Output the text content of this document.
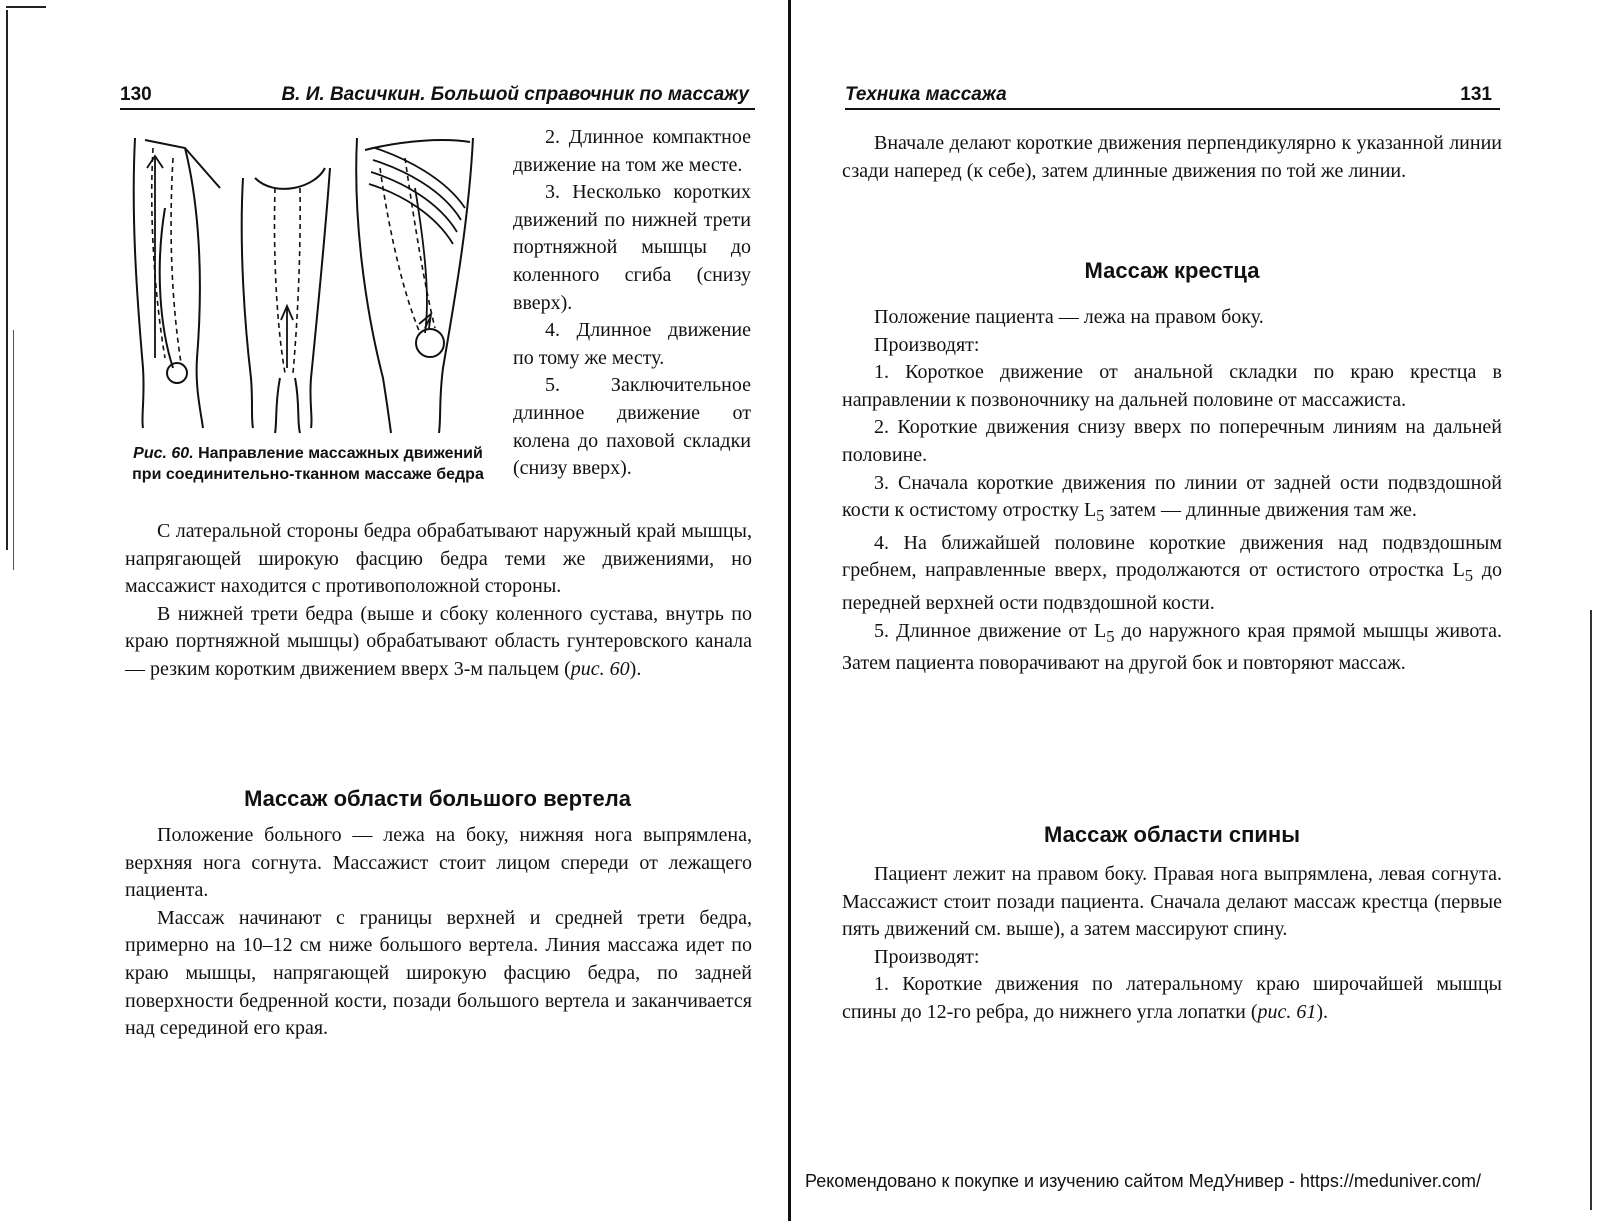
130	В. И. Васичкин. Большой справочник по массажу
Рис. 60. Направление массажных движений при соединительно-тканном массаже бедра

2. Длинное компактное движение на том же месте.

3. Несколько коротких движений по нижней трети портняжной мышцы до коленного сгиба (снизу вверх).

4. Длинное движение по тому же месту.

5. Заключительное длинное движение от колена до паховой складки (снизу вверх).

С латеральной стороны бедра обрабатывают наружный край мышцы, напрягающей широкую фасцию бедра теми же движениями, но массажист находится с противоположной стороны.

В нижней трети бедра (выше и сбоку коленного сустава, внутрь по краю портняжной мышцы) обрабатывают область гунтеровского канала — резким коротким движением вверх 3-м пальцем (рис. 60).

Массаж области большого вертела

Положение больного — лежа на боку, нижняя нога выпрямлена, верхняя нога согнута. Массажист стоит лицом спереди от лежащего пациента.

Массаж начинают с границы верхней и средней трети бедра, примерно на 10–12 см ниже большого вертела. Линия массажа идет по краю мышцы, напрягающей широкую фасцию бедра, по задней поверхности бедренной кости, позади большого вертела и заканчивается над серединой его края.

Техника массажа	131

Вначале делают короткие движения перпендикулярно к указанной линии сзади наперед (к себе), затем длинные движения по той же линии.

Массаж крестца

Положение пациента — лежа на правом боку.

Производят:

1. Короткое движение от анальной складки по краю крестца в направлении к позвоночнику на дальней половине от массажиста.

2. Короткие движения снизу вверх по поперечным линиям на дальней половине.

3. Сначала короткие движения по линии от задней ости подвздошной кости к остистому отростку $L_5$ затем — длинные движения там же.

4. На ближайшей половине короткие движения над подвздошным гребнем, направленные вверх, продолжаются от остистого отростка $L_5$ до передней верхней ости подвздошной кости.

5. Длинное движение от $L_5$ до наружного края прямой мышцы живота. Затем пациента поворачивают на другой бок и повторяют массаж.

Массаж области спины

Пациент лежит на правом боку. Правая нога выпрямлена, левая согнута. Массажист стоит позади пациента. Сначала делают массаж крестца (первые пять движений см. выше), а затем массируют спину.

Производят:

1. Короткие движения по латеральному краю широчайшей мышцы спины до 12-го ребра, до нижнего угла лопатки (рис. 61).

Рекомендовано к покупке и изучению сайтом МедУнивер - https://meduniver.com/
